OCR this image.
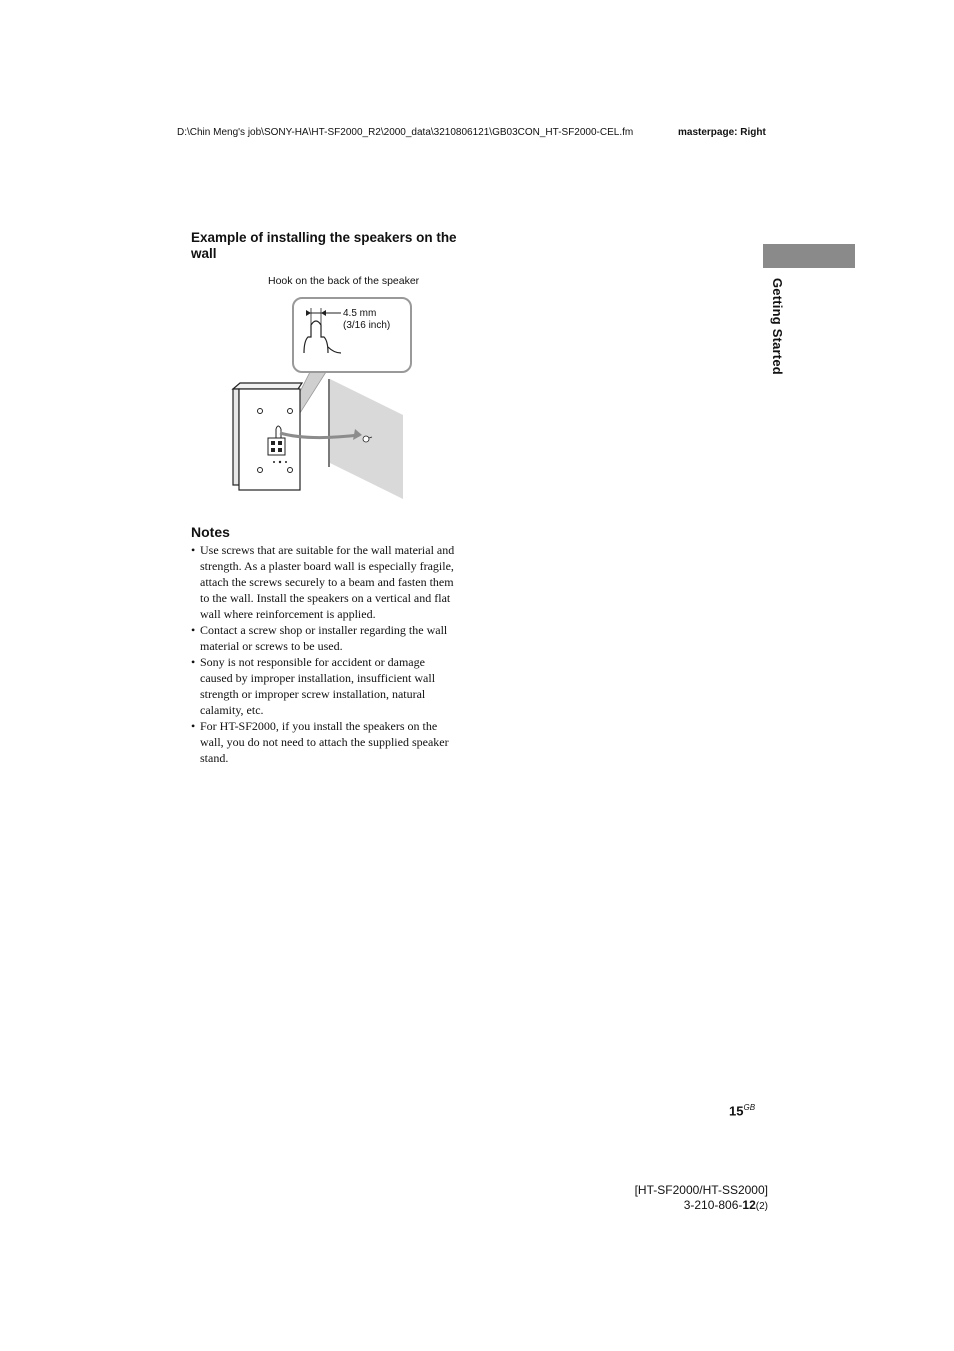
D:\Chin Meng's job\SONY-HA\HT-SF2000_R2\2000_data\3210806121\GB03CON_HT-SF2000-CEL.fm	masterpage: Right
Getting Started
Example of installing the speakers on the wall
Hook on the back of the speaker
4.5 mm
(3/16 inch)
Notes
• Use screws that are suitable for the wall material and strength. As a plaster board wall is especially fragile, attach the screws securely to a beam and fasten them to the wall. Install the speakers on a vertical and flat wall where reinforcement is applied.
• Contact a screw shop or installer regarding the wall material or screws to be used.
• Sony is not responsible for accident or damage caused by improper installation, insufficient wall strength or improper screw installation, natural calamity, etc.
• For HT-SF2000, if you install the speakers on the wall, you do not need to attach the supplied speaker stand.
$15^{GB}$
[HT-SF2000/HT-SS2000]
3-210-806-12(2)
